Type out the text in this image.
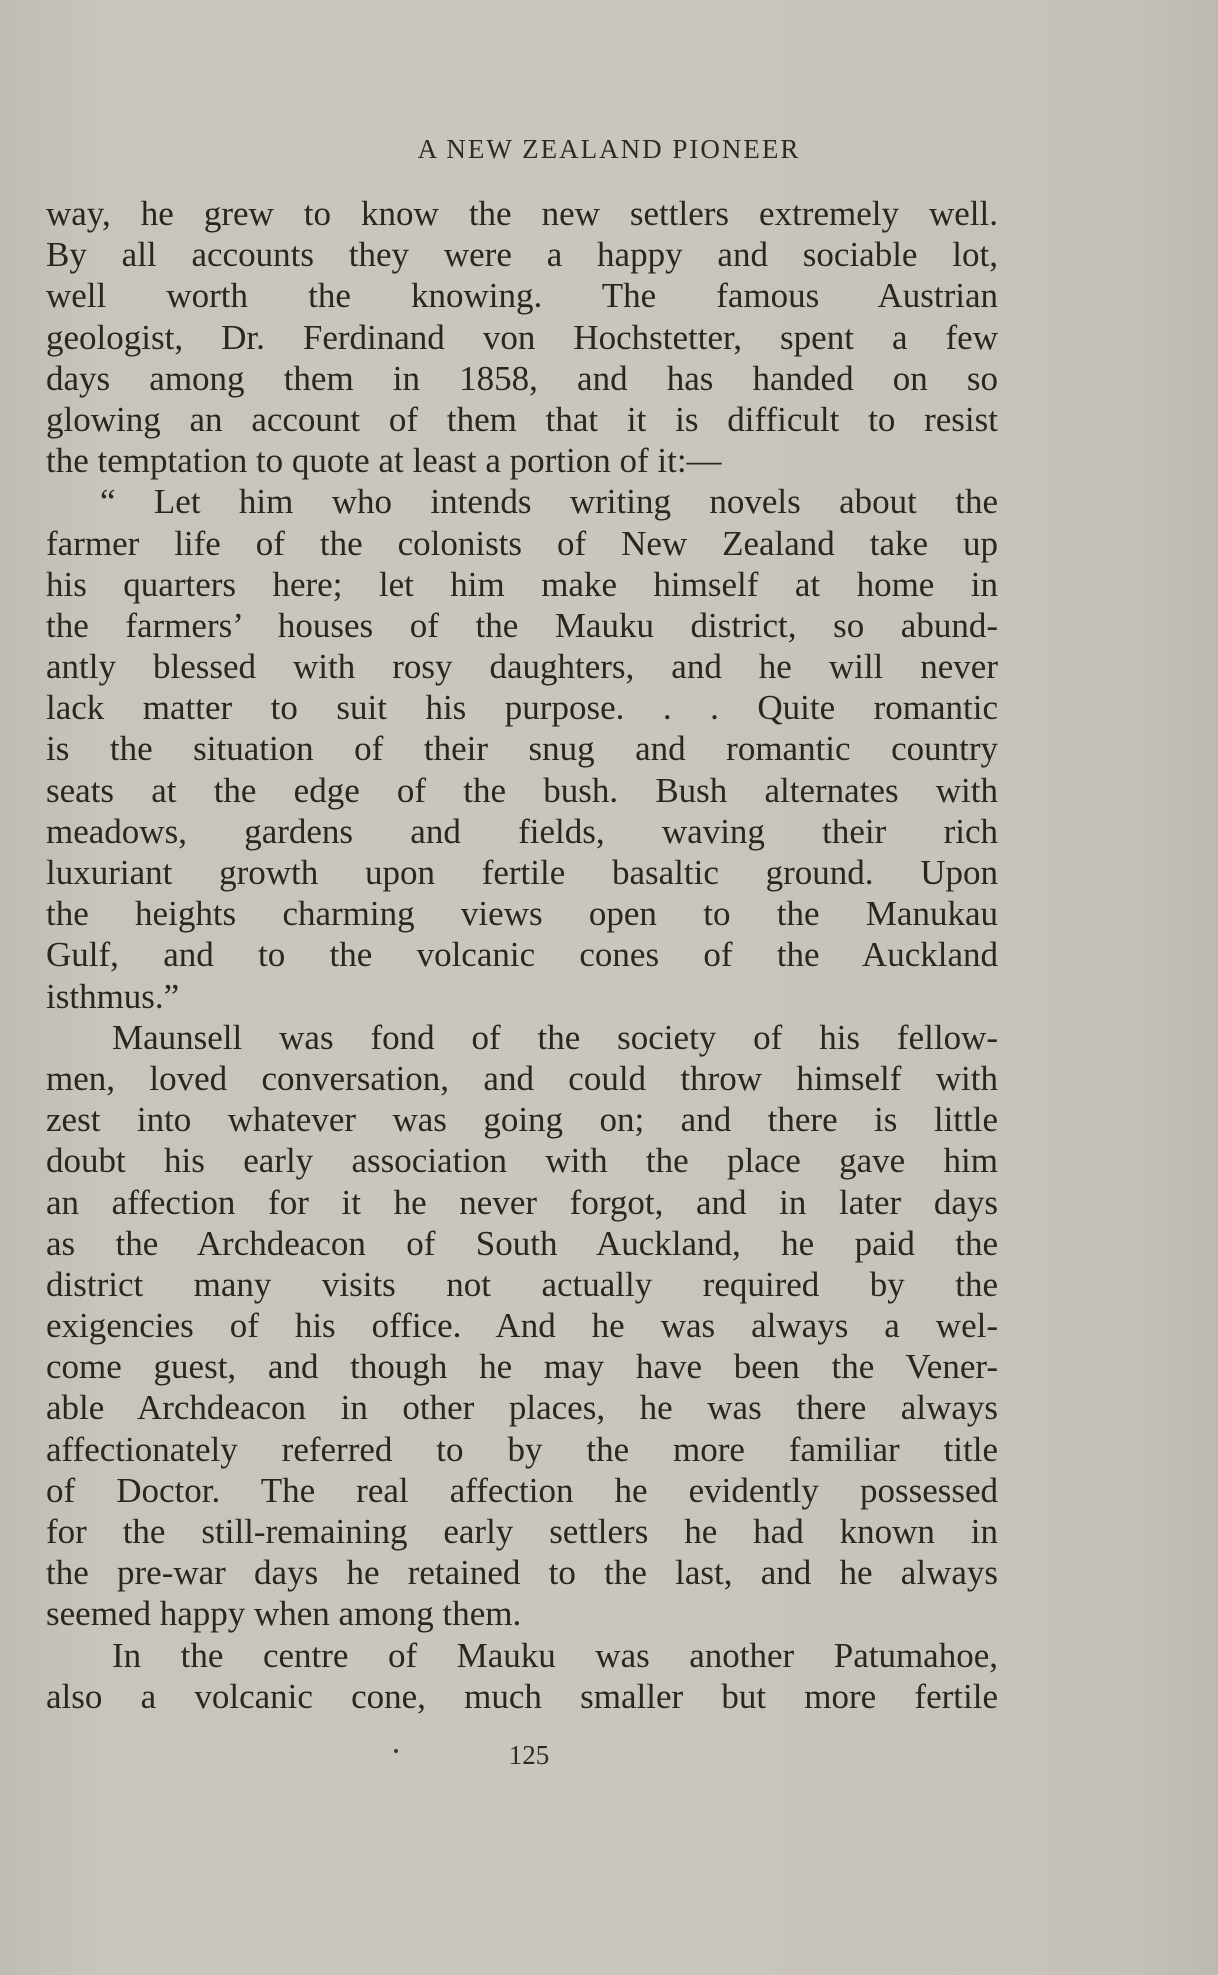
A NEW ZEALAND PIONEER
way, he grew to know the new settlers extremely well.
By all accounts they were a happy and sociable lot,
well worth the knowing. The famous Austrian
geologist, Dr. Ferdinand von Hochstetter, spent a few
days among them in 1858, and has handed on so
glowing an account of them that it is difficult to resist
the temptation to quote at least a portion of it:—
“ Let him who intends writing novels about the
farmer life of the colonists of New Zealand take up
his quarters here; let him make himself at home in
the farmers’ houses of the Mauku district, so abund-
antly blessed with rosy daughters, and he will never
lack matter to suit his purpose. . . Quite romantic
is the situation of their snug and romantic country
seats at the edge of the bush. Bush alternates with
meadows, gardens and fields, waving their rich
luxuriant growth upon fertile basaltic ground. Upon
the heights charming views open to the Manukau
Gulf, and to the volcanic cones of the Auckland
isthmus.”
Maunsell was fond of the society of his fellow-
men, loved conversation, and could throw himself with
zest into whatever was going on; and there is little
doubt his early association with the place gave him
an affection for it he never forgot, and in later days
as the Archdeacon of South Auckland, he paid the
district many visits not actually required by the
exigencies of his office. And he was always a wel-
come guest, and though he may have been the Vener-
able Archdeacon in other places, he was there always
affectionately referred to by the more familiar title
of Doctor. The real affection he evidently possessed
for the still-remaining early settlers he had known in
the pre-war days he retained to the last, and he always
seemed happy when among them.
In the centre of Mauku was another Patumahoe,
also a volcanic cone, much smaller but more fertile
125
